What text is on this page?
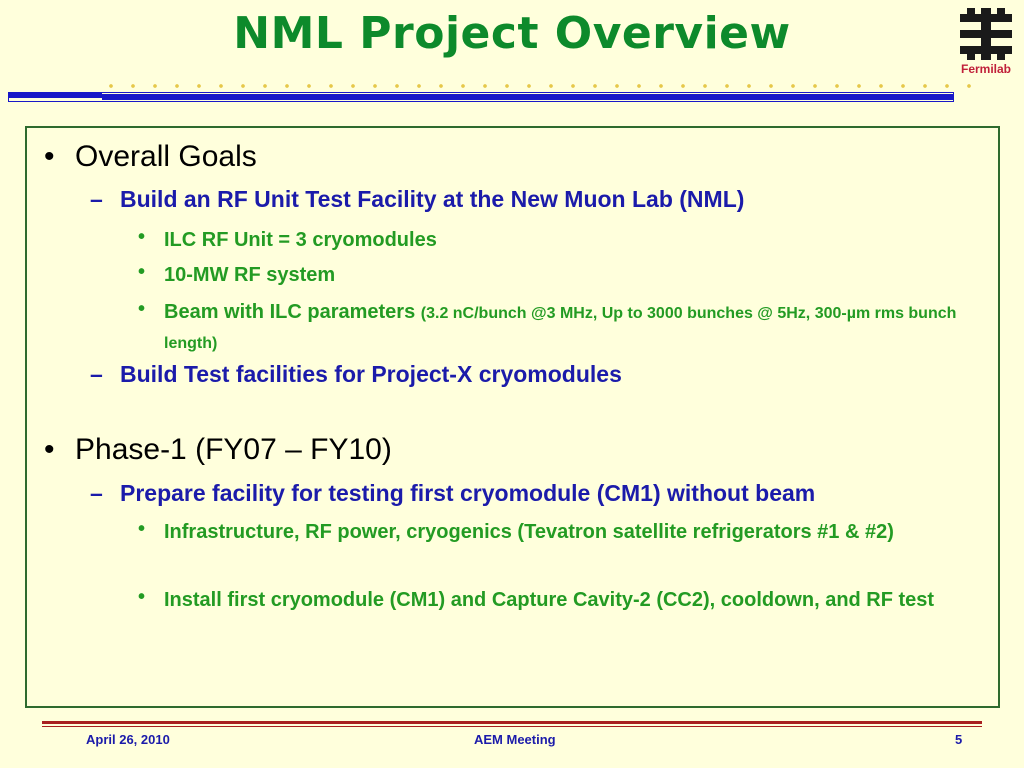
NML Project Overview
Fermilab
• Overall Goals
– Build an RF Unit Test Facility at the New Muon Lab (NML)
• ILC RF Unit = 3 cryomodules
• 10-MW RF system
• Beam with ILC parameters (3.2 nC/bunch @3 MHz, Up to 3000 bunches @ 5Hz, 300-µm rms bunch length)
– Build Test facilities for Project-X cryomodules
• Phase-1 (FY07 – FY10)
– Prepare facility for testing first cryomodule (CM1) without beam
• Infrastructure, RF power, cryogenics (Tevatron satellite refrigerators #1 & #2)
• Install first cryomodule (CM1) and Capture Cavity-2 (CC2), cooldown, and RF test
April 26, 2010	AEM Meeting	5
